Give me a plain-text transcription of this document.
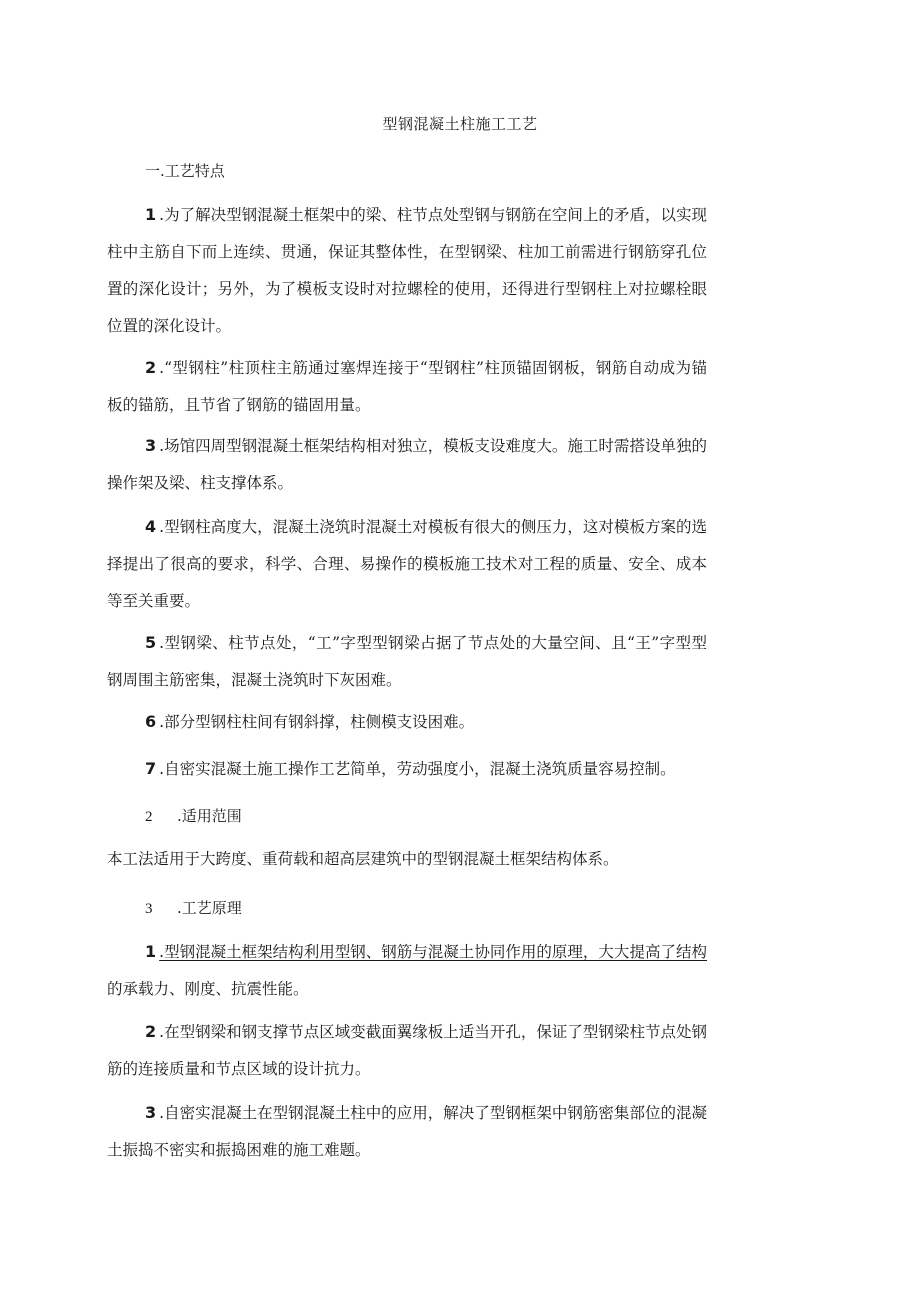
型钢混凝土柱施工工艺
一.工艺特点
1 .为了解决型钢混凝土框架中的梁、柱节点处型钢与钢筋在空间上的矛盾，以实现柱中主筋自下而上连续、贯通，保证其整体性，在型钢梁、柱加工前需进行钢筋穿孔位置的深化设计；另外，为了模板支设时对拉螺栓的使用，还得进行型钢柱上对拉螺栓眼位置的深化设计。
2 .“型钢柱”柱顶柱主筋通过塞焊连接于“型钢柱”柱顶锚固钢板，钢筋自动成为锚板的锚筋，且节省了钢筋的锚固用量。
3 .场馆四周型钢混凝土框架结构相对独立，模板支设难度大。施工时需搭设单独的操作架及梁、柱支撑体系。
4 .型钢柱高度大，混凝土浇筑时混凝土对模板有很大的侧压力，这对模板方案的选择提出了很高的要求，科学、合理、易操作的模板施工技术对工程的质量、安全、成本等至关重要。
5 .型钢梁、柱节点处，“工”字型型钢梁占据了节点处的大量空间、且“王”字型型钢周围主筋密集，混凝土浇筑时下灰困难。
6 .部分型钢柱柱间有钢斜撑，柱侧模支设困难。
7 .自密实混凝土施工操作工艺简单，劳动强度小，混凝土浇筑质量容易控制。
2 .适用范围
本工法适用于大跨度、重荷载和超高层建筑中的型钢混凝土框架结构体系。
3 .工艺原理
1 .型钢混凝土框架结构利用型钢、钢筋与混凝土协同作用的原理，大大提高了结构的承载力、刚度、抗震性能。
2 .在型钢梁和钢支撑节点区域变截面翼缘板上适当开孔，保证了型钢梁柱节点处钢筋的连接质量和节点区域的设计抗力。
3 .自密实混凝土在型钢混凝土柱中的应用，解决了型钢框架中钢筋密集部位的混凝土振捣不密实和振捣困难的施工难题。
